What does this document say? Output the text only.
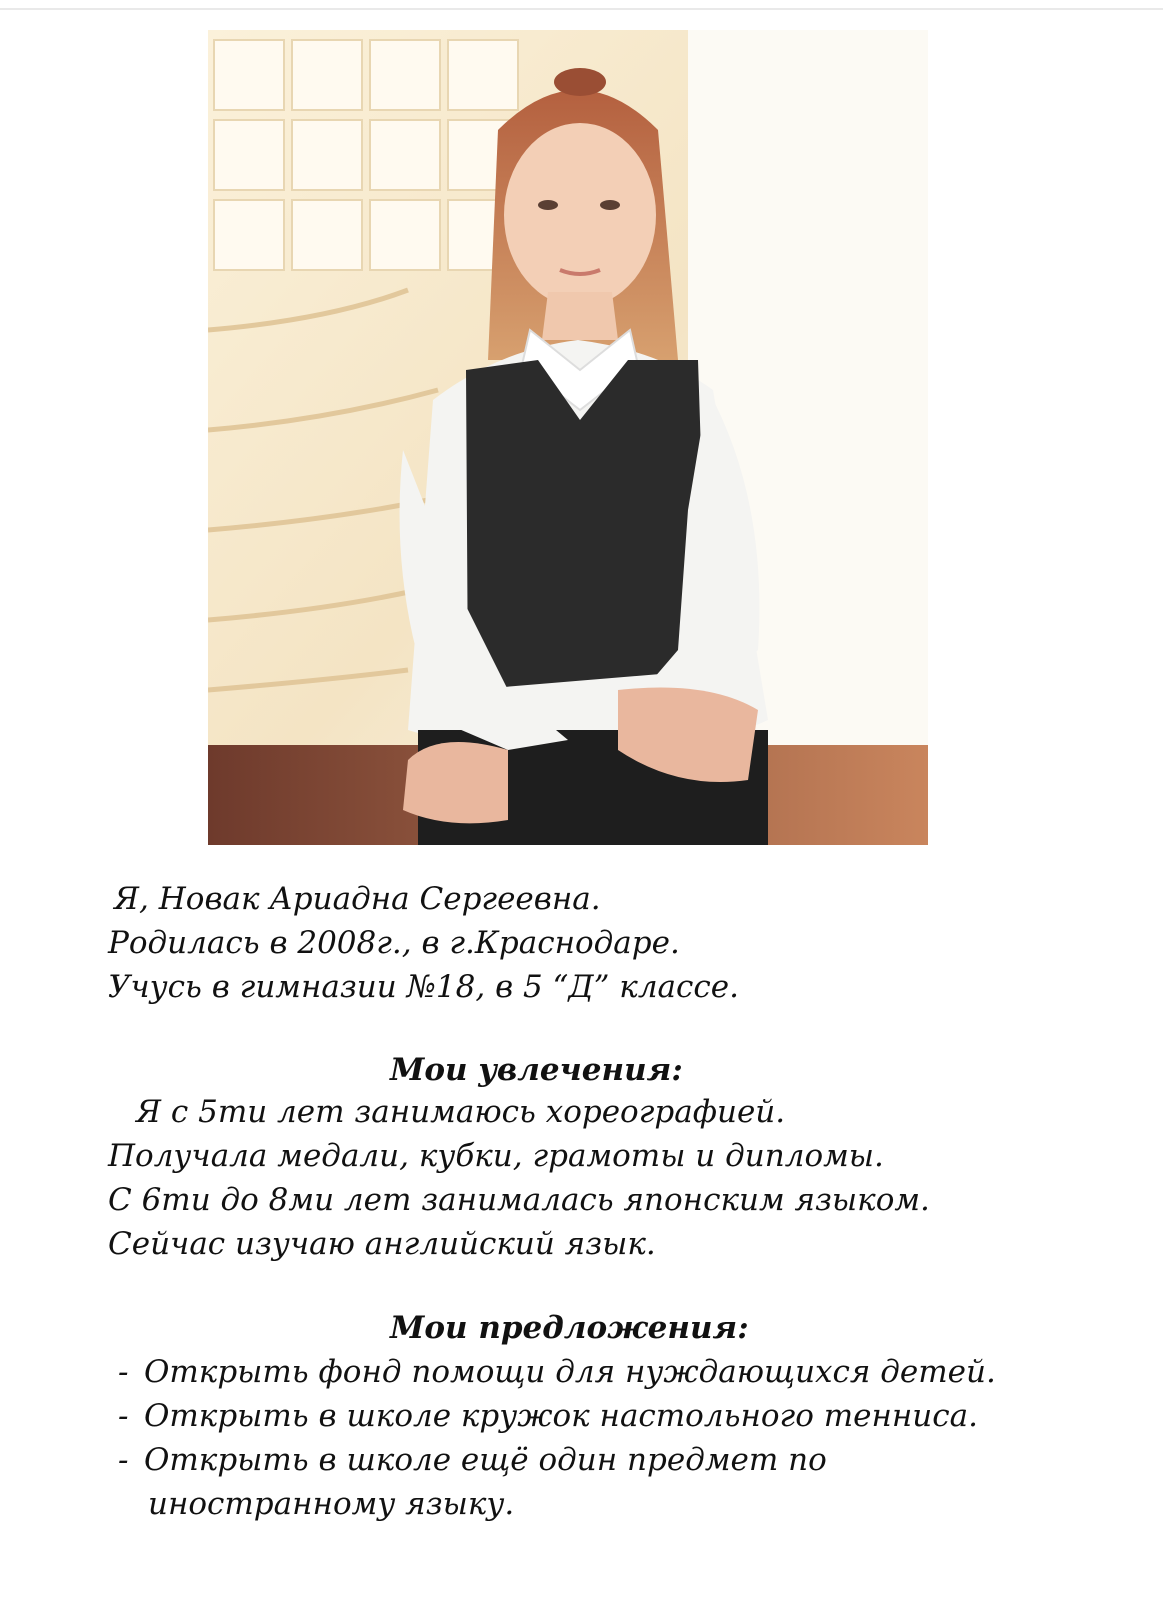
Я, Новак Ариадна Сергеевна.
Родилась в 2008г., в г.Краснодаре.
Учусь в гимназии №18, в 5 “Д” классе.
Мои увлечения:
Я с 5ти лет занимаюсь хореографией.
Получала медали, кубки, грамоты и дипломы.
С 6ти до 8ми лет занималась японским языком.
Сейчас изучаю английский язык.
Мои предложения:
- Открыть фонд помощи для нуждающихся детей.
- Открыть в школе кружок настольного тенниса.
- Открыть в школе ещё один предмет по
иностранному языку.
